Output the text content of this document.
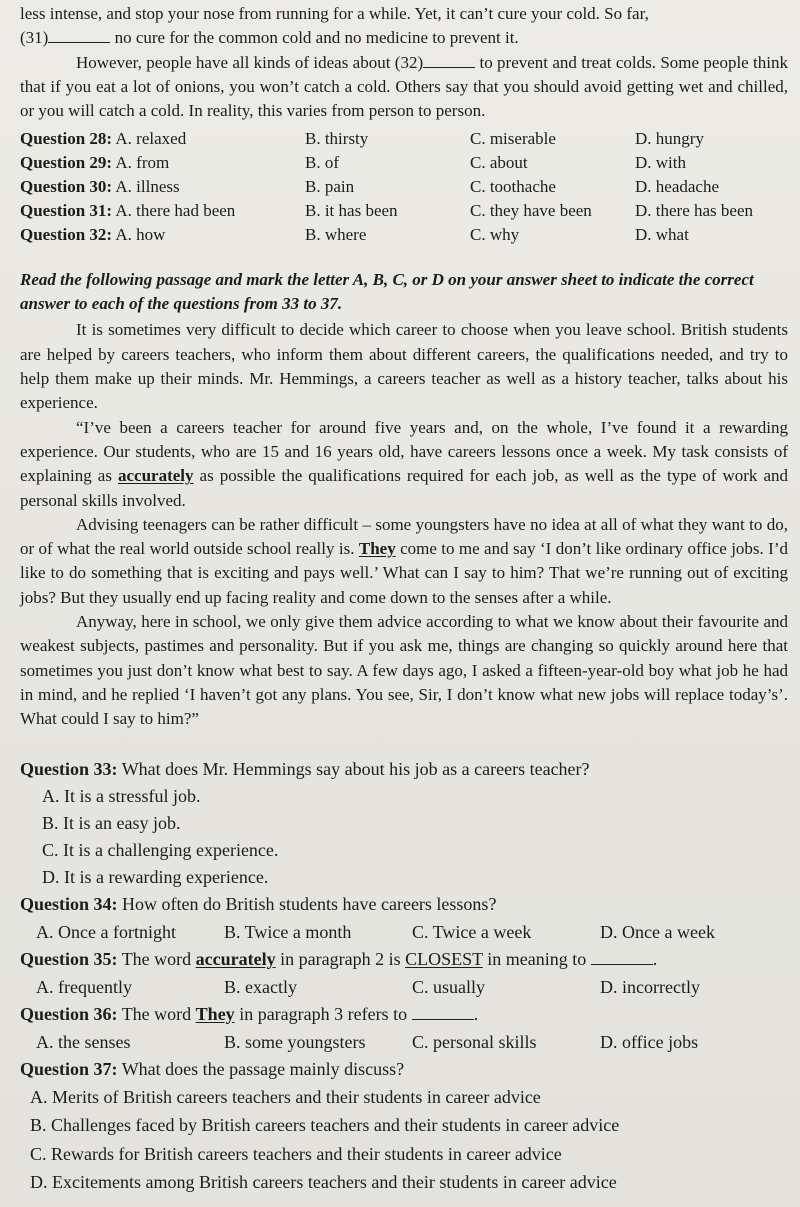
less intense, and stop your nose from running for a while. Yet, it can’t cure your cold. So far,
(31)	no cure for the common cold and no medicine to prevent it.

However, people have all kinds of ideas about (32)	to prevent and treat colds. Some people think that if you eat a lot of onions, you won’t catch a cold. Others say that you should avoid getting wet and chilled, or you will catch a cold. In reality, this varies from person to person.

Question 28: A. relaxed	B. thirsty	C. miserable	D. hungry
Question 29: A. from	B. of	C. about	D. with
Question 30: A. illness	B. pain	C. toothache	D. headache
Question 31: A. there had been	B. it has been	C. they have been	D. there has been
Question 32: A. how	B. where	C. why	D. what

Read the following passage and mark the letter A, B, C, or D on your answer sheet to indicate the correct answer to each of the questions from 33 to 37.

It is sometimes very difficult to decide which career to choose when you leave school. British students are helped by careers teachers, who inform them about different careers, the qualifications needed, and try to help them make up their minds. Mr. Hemmings, a careers teacher as well as a history teacher, talks about his experience.

“I’ve been a careers teacher for around five years and, on the whole, I’ve found it a rewarding experience. Our students, who are 15 and 16 years old, have careers lessons once a week. My task consists of explaining as accurately as possible the qualifications required for each job, as well as the type of work and personal skills involved.

Advising teenagers can be rather difficult – some youngsters have no idea at all of what they want to do, or of what the real world outside school really is. They come to me and say ‘I don’t like ordinary office jobs. I’d like to do something that is exciting and pays well.’ What can I say to him? That we’re running out of exciting jobs? But they usually end up facing reality and come down to the senses after a while.

Anyway, here in school, we only give them advice according to what we know about their favourite and weakest subjects, pastimes and personality. But if you ask me, things are changing so quickly around here that sometimes you just don’t know what best to say. A few days ago, I asked a fifteen-year-old boy what job he had in mind, and he replied ‘I haven’t got any plans. You see, Sir, I don’t know what new jobs will replace today’s’. What could I say to him?”

Question 33: What does Mr. Hemmings say about his job as a careers teacher?

A. It is a stressful job.
B. It is an easy job.
C. It is a challenging experience.
D. It is a rewarding experience.

Question 34: How often do British students have careers lessons?

A. Once a fortnight	B. Twice a month	C. Twice a week	D. Once a week

Question 35: The word accurately in paragraph 2 is CLOSEST in meaning to	.

A. frequently	B. exactly	C. usually	D. incorrectly

Question 36: The word They in paragraph 3 refers to	.

A. the senses	B. some youngsters	C. personal skills	D. office jobs

Question 37: What does the passage mainly discuss?

A. Merits of British careers teachers and their students in career advice
B. Challenges faced by British careers teachers and their students in career advice
C. Rewards for British careers teachers and their students in career advice
D. Excitements among British careers teachers and their students in career advice
